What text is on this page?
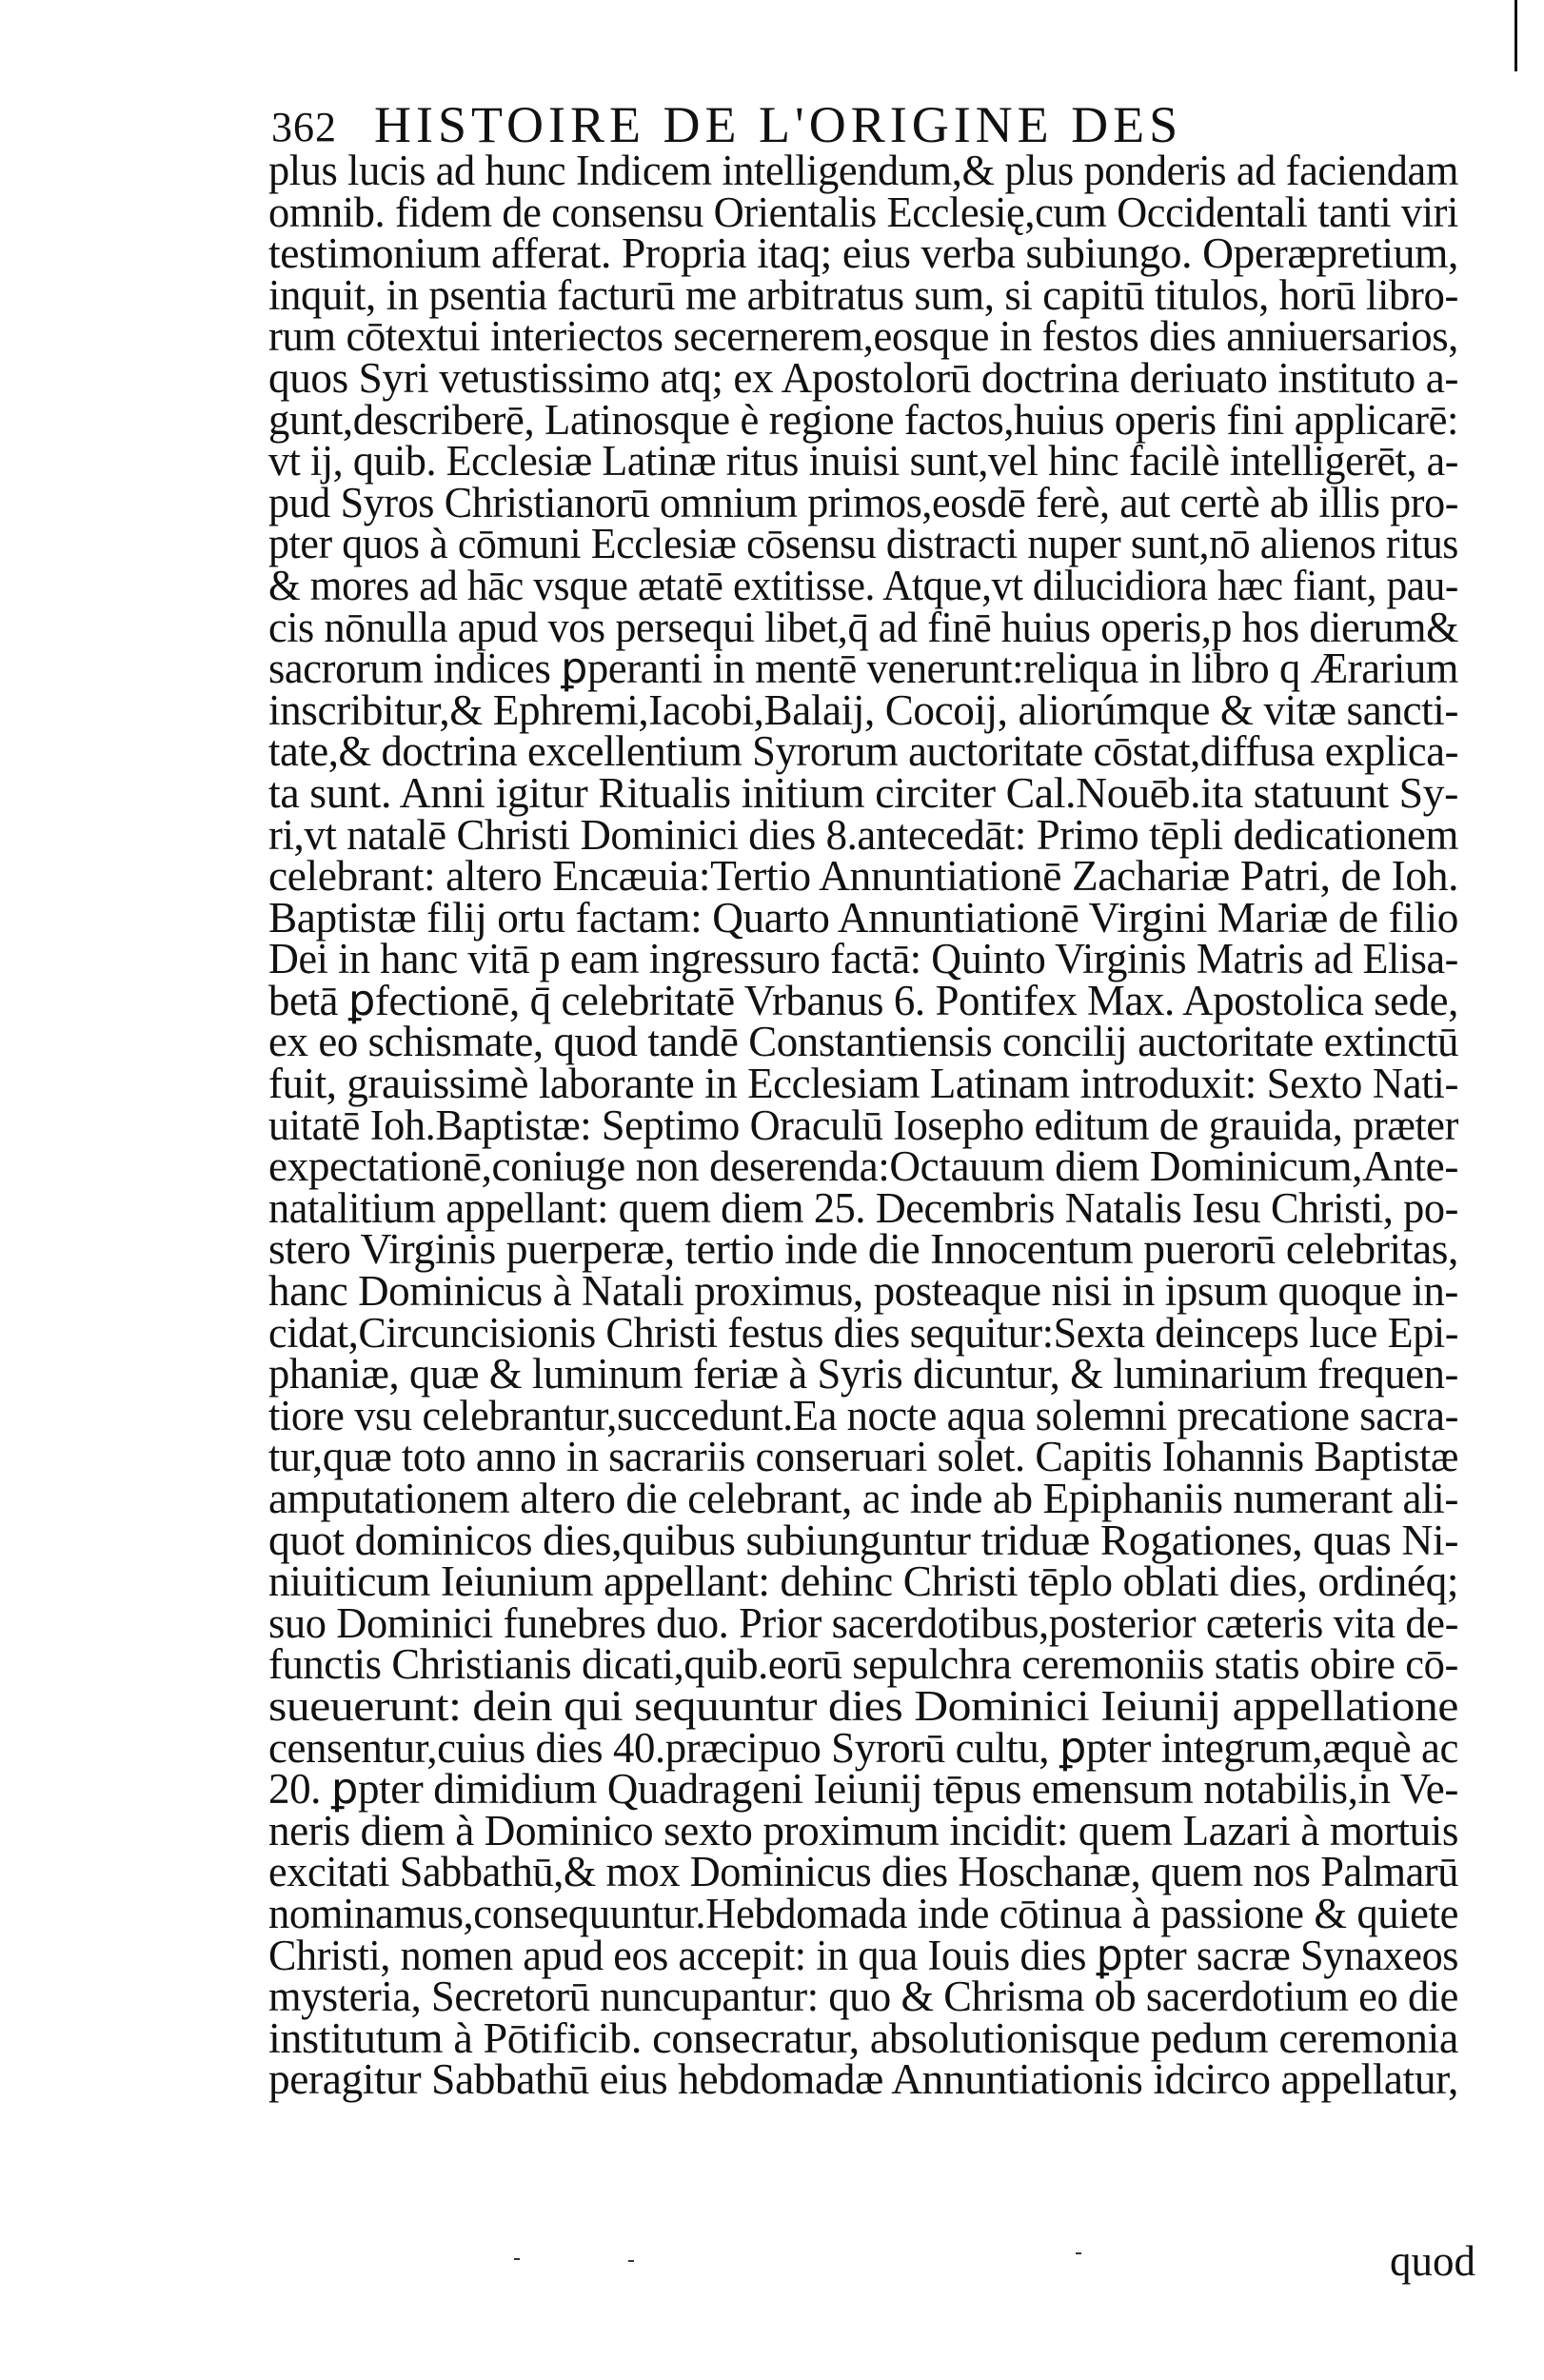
362 HISTOIRE DE L'ORIGINE DES
plus lucis ad hunc Indicem intelligendum,& plus ponderis ad faciendam
omnib. fidem de consensu Orientalis Ecclesię,cum Occidentali tanti viri
testimonium afferat. Propria itaq; eius verba subiungo. Operæpretium,
inquit, in psentia facturū me arbitratus sum, si capitū titulos, horū libro-
rum cōtextui interiectos secernerem,eosque in festos dies anniuersarios,
quos Syri vetustissimo atq; ex Apostolorū doctrina deriuato instituto a-
gunt,describerē, Latinosque è regione factos,huius operis fini applicarē:
vt ij, quib. Ecclesiæ Latinæ ritus inuisi sunt,vel hinc facilè intelligerēt, a-
pud Syros Christianorū omnium primos,eosdē ferè, aut certè ab illis pro-
pter quos à cōmuni Ecclesiæ cōsensu distracti nuper sunt,nō alienos ritus
& mores ad hāc vsque ætatē extitisse. Atque,vt dilucidiora hæc fiant, pau-
cis nōnulla apud vos persequi libet,q̄ ad finē huius operis,p hos dierum&
sacrorum indices ꝑperanti in mentē venerunt:reliqua in libro q Ærarium
inscribitur,& Ephremi,Iacobi,Balaij, Cocoij, aliorúmque & vitæ sancti-
tate,& doctrina excellentium Syrorum auctoritate cōstat,diffusa explica-
ta sunt. Anni igitur Ritualis initium circiter Cal.Nouēb.ita statuunt Sy-
ri,vt natalē Christi Dominici dies 8.antecedāt: Primo tēpli dedicationem
celebrant: altero Encæuia:Tertio Annuntiationē Zachariæ Patri, de Ioh.
Baptistæ filij ortu factam: Quarto Annuntiationē Virgini Mariæ de filio
Dei in hanc vitā p eam ingressuro factā: Quinto Virginis Matris ad Elisa-
betā ꝑfectionē, q̄ celebritatē Vrbanus 6. Pontifex Max. Apostolica sede,
ex eo schismate, quod tandē Constantiensis concilij auctoritate extinctū
fuit, grauissimè laborante in Ecclesiam Latinam introduxit: Sexto Nati-
uitatē Ioh.Baptistæ: Septimo Oraculū Iosepho editum de grauida, præter
expectationē,coniuge non deserenda:Octauum diem Dominicum,Ante-
natalitium appellant: quem diem 25. Decembris Natalis Iesu Christi, po-
stero Virginis puerperæ, tertio inde die Innocentum puerorū celebritas,
hanc Dominicus à Natali proximus, posteaque nisi in ipsum quoque in-
cidat,Circuncisionis Christi festus dies sequitur:Sexta deinceps luce Epi-
phaniæ, quæ & luminum feriæ à Syris dicuntur, & luminarium frequen-
tiore vsu celebrantur,succedunt.Ea nocte aqua solemni precatione sacra-
tur,quæ toto anno in sacrariis conseruari solet. Capitis Iohannis Baptistæ
amputationem altero die celebrant, ac inde ab Epiphaniis numerant ali-
quot dominicos dies,quibus subiunguntur triduæ Rogationes, quas Ni-
niuiticum Ieiunium appellant: dehinc Christi tēplo oblati dies, ordinéq;
suo Dominici funebres duo. Prior sacerdotibus,posterior cæteris vita de-
functis Christianis dicati,quib.eorū sepulchra ceremoniis statis obire cō-
sueuerunt: dein qui sequuntur dies Dominici Ieiunij appellatione
censentur,cuius dies 40.præcipuo Syrorū cultu, ꝑpter integrum,æquè ac
20. ꝑpter dimidium Quadrageni Ieiunij tēpus emensum notabilis,in Ve-
neris diem à Dominico sexto proximum incidit: quem Lazari à mortuis
excitati Sabbathū,& mox Dominicus dies Hoschanæ, quem nos Palmarū
nominamus,consequuntur.Hebdomada inde cōtinua à passione & quiete
Christi, nomen apud eos accepit: in qua Iouis dies ꝑpter sacræ Synaxeos
mysteria, Secretorū nuncupantur: quo & Chrisma ob sacerdotium eo die
institutum à Pōtificib. consecratur, absolutionisque pedum ceremonia
peragitur Sabbathū eius hebdomadæ Annuntiationis idcirco appellatur,
quod
